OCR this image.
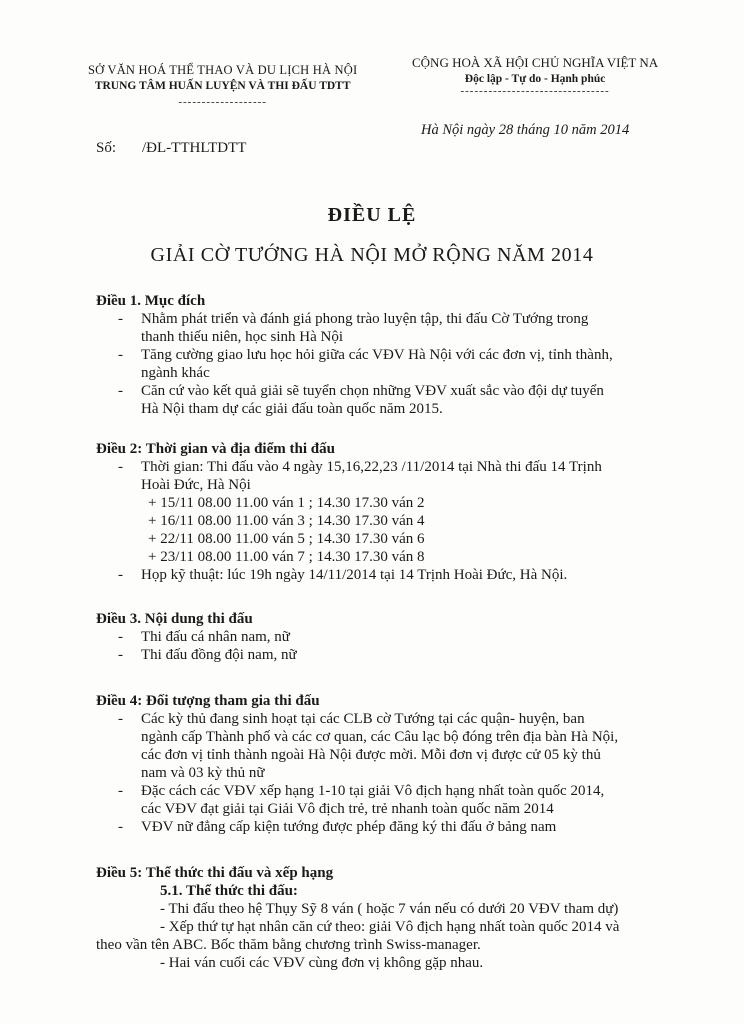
SỞ VĂN HOÁ THỂ THAO VÀ DU LỊCH HÀ NỘI
TRUNG TÂM HUẤN LUYỆN VÀ THI ĐẤU TDTT
-------------------
CỘNG HOÀ XÃ HỘI CHỦ NGHĨA VIỆT NA
Độc lập - Tự do - Hạnh phúc
--------------------------------
Số: /ĐL-TTHLTDTT
Hà Nội ngày 28 tháng 10 năm 2014
ĐIỀU LỆ
GIẢI CỜ TƯỚNG HÀ NỘI MỞ RỘNG NĂM 2014
Điều 1. Mục đích
- Nhằm phát triển và đánh giá phong trào luyện tập, thi đấu Cờ Tướng trong
thanh thiếu niên, học sinh Hà Nội
- Tăng cường giao lưu học hỏi giữa các VĐV Hà Nội với các đơn vị, tỉnh thành,
ngành khác
- Căn cứ vào kết quả giải sẽ tuyển chọn những VĐV xuất sắc vào đội dự tuyển
Hà Nội tham dự các giải đấu toàn quốc năm 2015.
Điều 2: Thời gian và địa điểm thi đấu
- Thời gian: Thi đấu vào 4 ngày 15,16,22,23 /11/2014 tại Nhà thi đấu 14 Trịnh
Hoài Đức, Hà Nội
+ 15/11 08.00 11.00 ván 1 ; 14.30 17.30 ván 2
+ 16/11 08.00 11.00 ván 3 ; 14.30 17.30 ván 4
+ 22/11 08.00 11.00 ván 5 ; 14.30 17.30 ván 6
+ 23/11 08.00 11.00 ván 7 ; 14.30 17.30 ván 8
- Họp kỹ thuật: lúc 19h ngày 14/11/2014 tại 14 Trịnh Hoài Đức, Hà Nội.
Điều 3. Nội dung thi đấu
- Thi đấu cá nhân nam, nữ
- Thi đấu đồng đội nam, nữ
Điều 4: Đối tượng tham gia thi đấu
- Các kỳ thủ đang sinh hoạt tại các CLB cờ Tướng tại các quận- huyện, ban
ngành cấp Thành phố và các cơ quan, các Câu lạc bộ đóng trên địa bàn Hà Nội,
các đơn vị tỉnh thành ngoài Hà Nội được mời. Mỗi đơn vị được cử 05 kỳ thủ
nam và 03 kỳ thủ nữ
- Đặc cách các VĐV xếp hạng 1-10 tại giải Vô địch hạng nhất toàn quốc 2014,
các VĐV đạt giải tại Giải Vô địch trẻ, trẻ nhanh toàn quốc năm 2014
- VĐV nữ đẳng cấp kiện tướng được phép đăng ký thi đấu ở bảng nam
Điều 5: Thể thức thi đấu và xếp hạng
5.1. Thể thức thi đấu:
- Thi đấu theo hệ Thụy Sỹ 8 ván ( hoặc 7 ván nếu có dưới 20 VĐV tham dự)
- Xếp thứ tự hạt nhân căn cứ theo: giải Vô địch hạng nhất toàn quốc 2014 và
theo vần tên ABC. Bốc thăm bằng chương trình Swiss-manager.
- Hai ván cuối các VĐV cùng đơn vị không gặp nhau.
